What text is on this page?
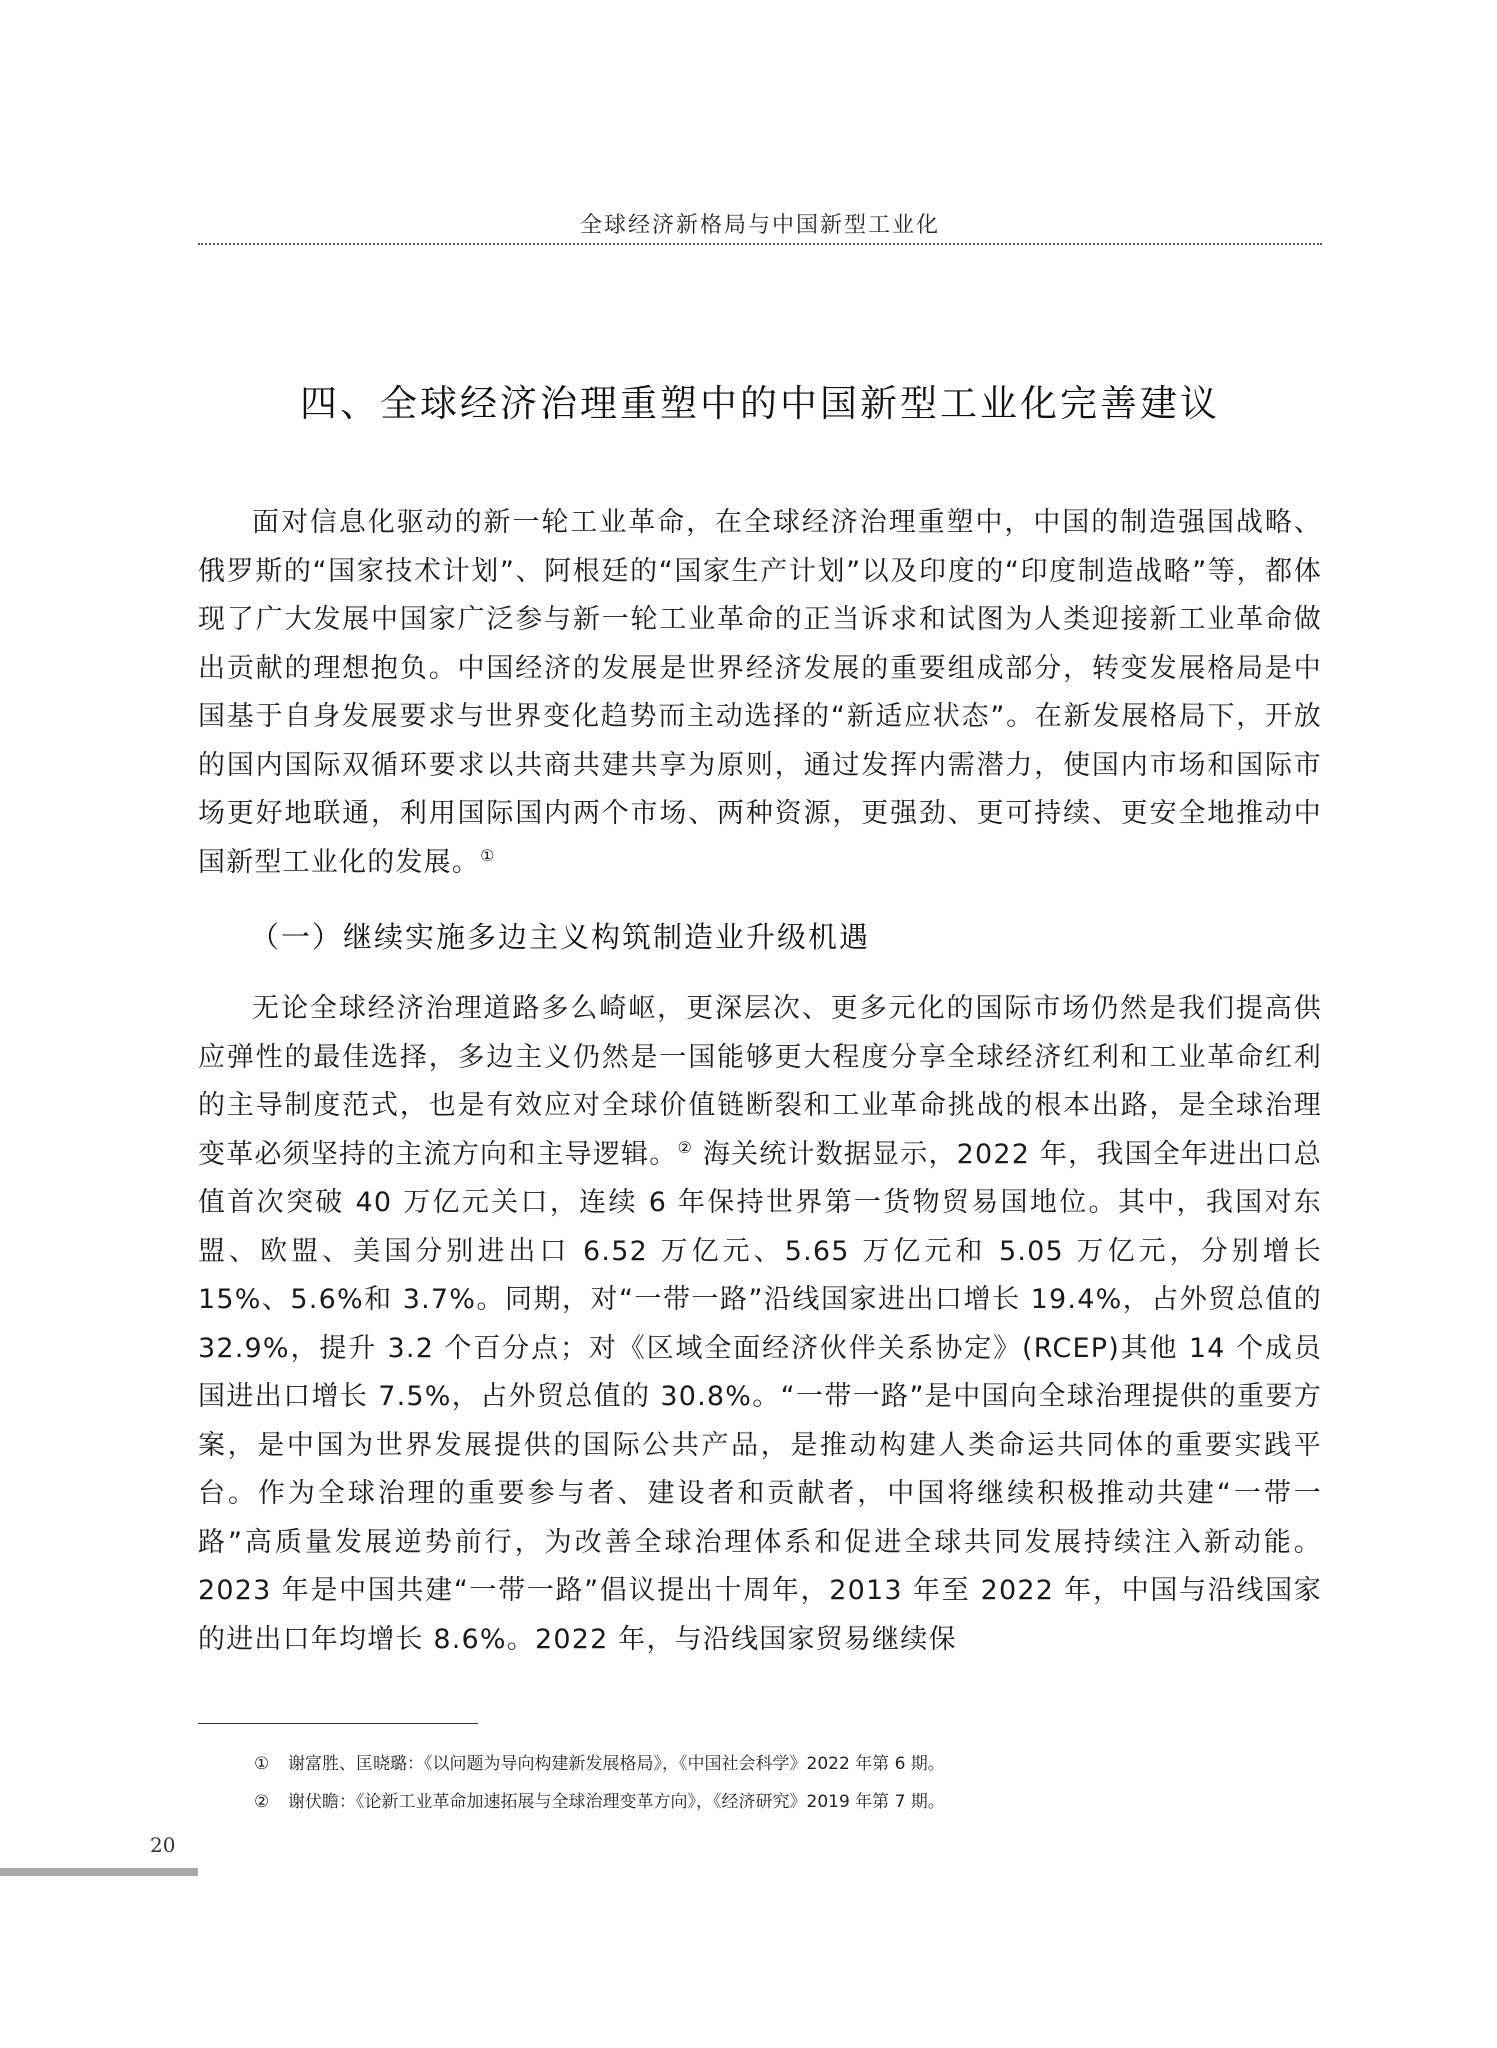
全球经济新格局与中国新型工业化
四、全球经济治理重塑中的中国新型工业化完善建议

面对信息化驱动的新一轮工业革命，在全球经济治理重塑中，中国的制造强国战略、俄罗斯的“国家技术计划”、阿根廷的“国家生产计划”以及印度的“印度制造战略”等，都体现了广大发展中国家广泛参与新一轮工业革命的正当诉求和试图为人类迎接新工业革命做出贡献的理想抱负。中国经济的发展是世界经济发展的重要组成部分，转变发展格局是中国基于自身发展要求与世界变化趋势而主动选择的“新适应状态”。在新发展格局下，开放的国内国际双循环要求以共商共建共享为原则，通过发挥内需潜力，使国内市场和国际市场更好地联通，利用国际国内两个市场、两种资源，更强劲、更可持续、更安全地推动中国新型工业化的发展。①

（一）继续实施多边主义构筑制造业升级机遇

无论全球经济治理道路多么崎岖，更深层次、更多元化的国际市场仍然是我们提高供应弹性的最佳选择，多边主义仍然是一国能够更大程度分享全球经济红利和工业革命红利的主导制度范式，也是有效应对全球价值链断裂和工业革命挑战的根本出路，是全球治理变革必须坚持的主流方向和主导逻辑。② 海关统计数据显示，2022 年，我国全年进出口总值首次突破 40 万亿元关口，连续 6 年保持世界第一货物贸易国地位。其中，我国对东盟、欧盟、美国分别进出口 6.52 万亿元、5.65 万亿元和 5.05 万亿元，分别增长 15%、5.6%和 3.7%。同期，对“一带一路”沿线国家进出口增长 19.4%，占外贸总值的 32.9%，提升 3.2 个百分点；对《区域全面经济伙伴关系协定》(RCEP)其他 14 个成员国进出口增长 7.5%，占外贸总值的 30.8%。“一带一路”是中国向全球治理提供的重要方案，是中国为世界发展提供的国际公共产品，是推动构建人类命运共同体的重要实践平台。作为全球治理的重要参与者、建设者和贡献者，中国将继续积极推动共建“一带一路”高质量发展逆势前行，为改善全球治理体系和促进全球共同发展持续注入新动能。2023 年是中国共建“一带一路”倡议提出十周年，2013 年至 2022 年，中国与沿线国家的进出口年均增长 8.6%。2022 年，与沿线国家贸易继续保

① 谢富胜、匡晓璐：《以问题为导向构建新发展格局》，《中国社会科学》2022 年第 6 期。
② 谢伏瞻：《论新工业革命加速拓展与全球治理变革方向》，《经济研究》2019 年第 7 期。
20
